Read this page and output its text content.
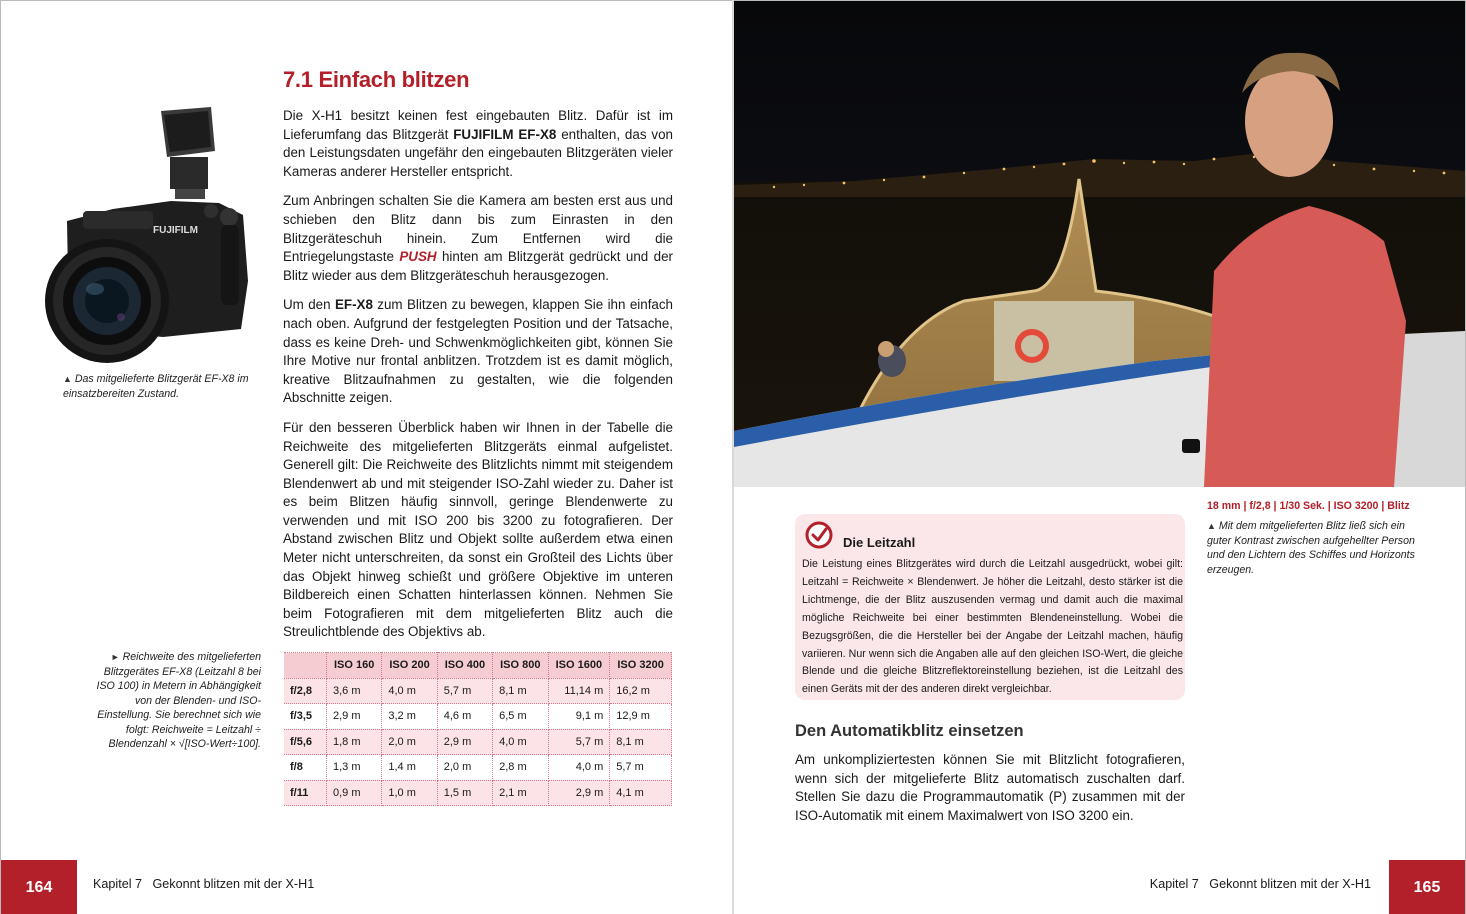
7.1 Einfach blitzen
FUJIFILM
▲ Das mitgelieferte Blitzgerät EF-X8 im einsatzbereiten Zustand.

Die X-H1 besitzt keinen fest eingebauten Blitz. Dafür ist im Lieferumfang das Blitzgerät FUJIFILM EF-X8 enthalten, das von den Leistungsdaten ungefähr den eingebauten Blitzgeräten vieler Kameras anderer Hersteller entspricht.

Zum Anbringen schalten Sie die Kamera am besten erst aus und schieben den Blitz dann bis zum Einrasten in den Blitzgeräteschuh hinein. Zum Entfernen wird die Entriegelungstaste PUSH hinten am Blitzgerät gedrückt und der Blitz wieder aus dem Blitzgeräteschuh herausgezogen.

Um den EF-X8 zum Blitzen zu bewegen, klappen Sie ihn einfach nach oben. Aufgrund der festgelegten Position und der Tatsache, dass es keine Dreh- und Schwenkmöglichkeiten gibt, können Sie Ihre Motive nur frontal anblitzen. Trotzdem ist es damit möglich, kreative Blitzaufnahmen zu gestalten, wie die folgenden Abschnitte zeigen.

Für den besseren Überblick haben wir Ihnen in der Tabelle die Reichweite des mitgelieferten Blitzgeräts einmal aufgelistet. Generell gilt: Die Reichweite des Blitzlichts nimmt mit steigendem Blendenwert ab und mit steigender ISO-Zahl wieder zu. Daher ist es beim Blitzen häufig sinnvoll, geringe Blendenwerte zu verwenden und mit ISO 200 bis 3200 zu fotografieren. Der Abstand zwischen Blitz und Objekt sollte außerdem etwa einen Meter nicht unterschreiten, da sonst ein Großteil des Lichts über das Objekt hinweg schießt und größere Objektive im unteren Bildbereich einen Schatten hinterlassen können. Nehmen Sie beim Fotografieren mit dem mitgelieferten Blitz auch die Streulichtblende des Objektivs ab.

► Reichweite des mitgelieferten Blitzgerätes EF-X8 (Leitzahl 8 bei ISO 100) in Metern in Abhängigkeit von der Blenden- und ISO-Einstellung. Sie berechnet sich wie folgt: Reichweite = Leitzahl ÷ Blendenzahl × √[ISO-Wert÷100].
	ISO 160	ISO 200	ISO 400	ISO 800	ISO 1600	ISO 3200
f/2,8	3,6 m	4,0 m	5,7 m	8,1 m	11,14 m	16,2 m
f/3,5	2,9 m	3,2 m	4,6 m	6,5 m	9,1 m	12,9 m
f/5,6	1,8 m	2,0 m	2,9 m	4,0 m	5,7 m	8,1 m
f/8	1,3 m	1,4 m	2,0 m	2,8 m	4,0 m	5,7 m
f/11	0,9 m	1,0 m	1,5 m	2,1 m	2,9 m	4,1 m
164	Kapitel 7   Gekonnt blitzen mit der X-H1
18 mm | f/2,8 | 1/30 Sek. | ISO 3200 | Blitz
▲ Mit dem mitgelieferten Blitz ließ sich ein guter Kontrast zwischen aufgehellter Person und den Lichtern des Schiffes und Horizonts erzeugen.
Die Leitzahl
Die Leistung eines Blitzgerätes wird durch die Leitzahl ausgedrückt, wobei gilt: Leitzahl = Reichweite × Blendenwert. Je höher die Leitzahl, desto stärker ist die Lichtmenge, die der Blitz auszusenden vermag und damit auch die maximal mögliche Reichweite bei einer bestimmten Blendeneinstellung. Wobei die Bezugsgrößen, die die Hersteller bei der Angabe der Leitzahl machen, häufig variieren. Nur wenn sich die Angaben alle auf den gleichen ISO-Wert, die gleiche Blende und die gleiche Blitzreflektoreinstellung beziehen, ist die Leitzahl des einen Geräts mit der des anderen direkt vergleichbar.
Den Automatikblitz einsetzen
Am unkompliziertesten können Sie mit Blitzlicht fotografieren, wenn sich der mitgelieferte Blitz automatisch zuschalten darf. Stellen Sie dazu die Programmautomatik (P) zusammen mit der ISO-Automatik mit einem Maximalwert von ISO 3200 ein.
Kapitel 7   Gekonnt blitzen mit der X-H1	165
